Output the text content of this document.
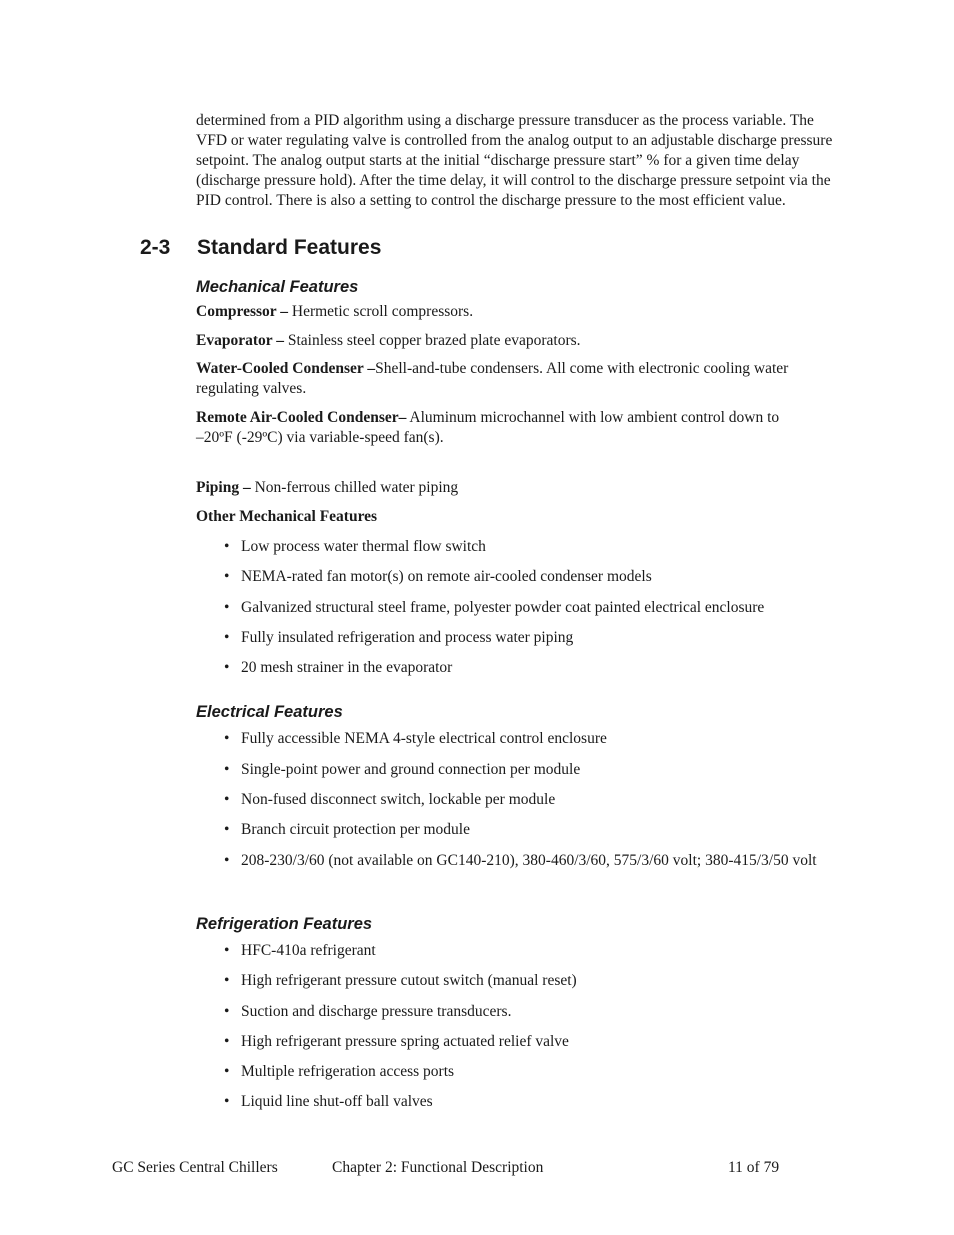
determined from a PID algorithm using a discharge pressure transducer as the process variable. The VFD or water regulating valve is controlled from the analog output to an adjustable discharge pressure setpoint. The analog output starts at the initial “discharge pressure start” % for a given time delay (discharge pressure hold). After the time delay, it will control to the discharge pressure setpoint via the PID control. There is also a setting to control the discharge pressure to the most efficient value.

2-3 Standard Features
Mechanical Features

Compressor – Hermetic scroll compressors.

Evaporator – Stainless steel copper brazed plate evaporators.

Water-Cooled Condenser –Shell-and-tube condensers. All come with electronic cooling water regulating valves.

Remote Air-Cooled Condenser– Aluminum microchannel with low ambient control down to
–20ºF (-29ºC) via variable-speed fan(s).

Piping – Non-ferrous chilled water piping

Other Mechanical Features

• Low process water thermal flow switch
• NEMA-rated fan motor(s) on remote air-cooled condenser models
• Galvanized structural steel frame, polyester powder coat painted electrical enclosure
• Fully insulated refrigeration and process water piping
• 20 mesh strainer in the evaporator
Electrical Features
• Fully accessible NEMA 4-style electrical control enclosure
• Single-point power and ground connection per module
• Non-fused disconnect switch, lockable per module
• Branch circuit protection per module
• 208-230/3/60 (not available on GC140-210), 380-460/3/60, 575/3/60 volt; 380-415/3/50 volt
Refrigeration Features
• HFC-410a refrigerant
• High refrigerant pressure cutout switch (manual reset)
• Suction and discharge pressure transducers.
• High refrigerant pressure spring actuated relief valve
• Multiple refrigeration access ports
• Liquid line shut-off ball valves
GC Series Central Chillers	Chapter 2: Functional Description	11 of 79
